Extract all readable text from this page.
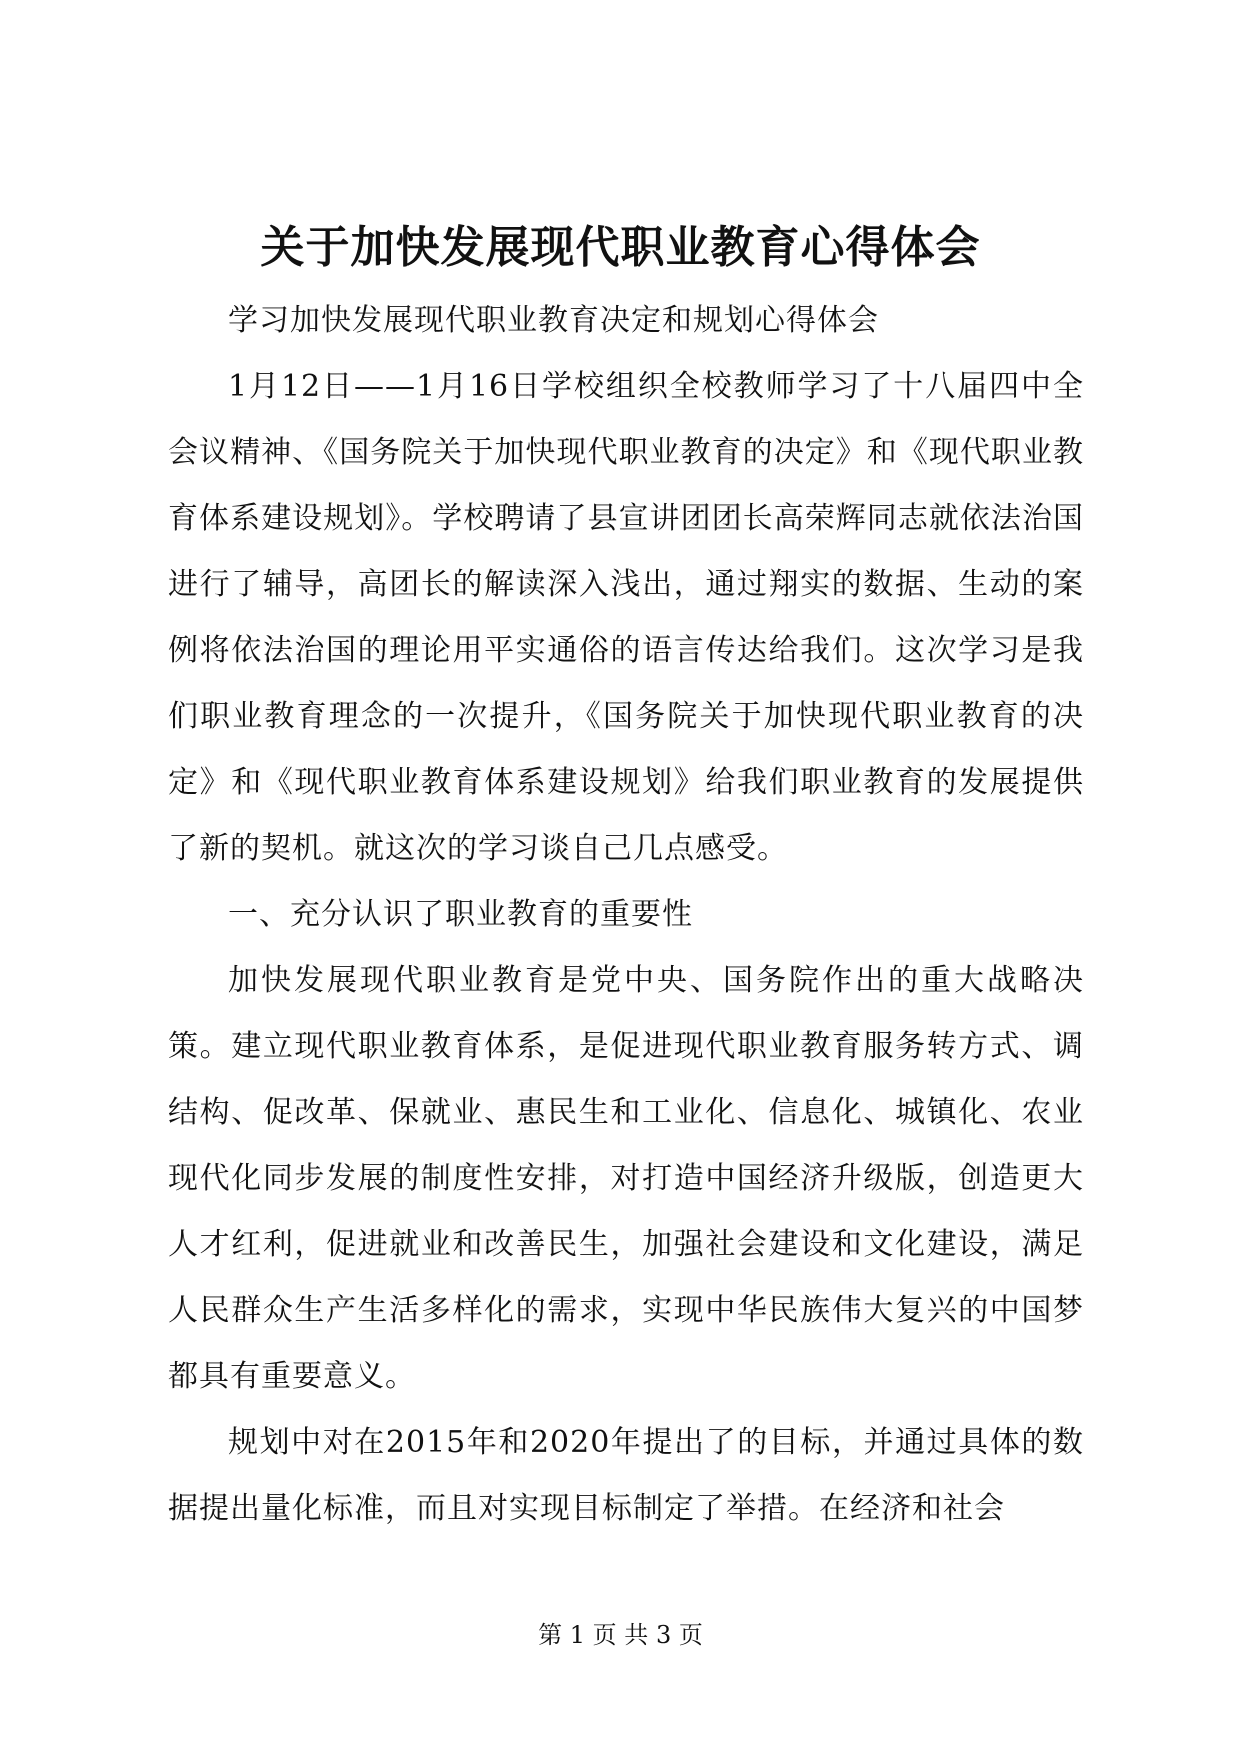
关于加快发展现代职业教育心得体会

学习加快发展现代职业教育决定和规划心得体会

1月12日——1月16日学校组织全校教师学习了十八届四中全会议精神、《国务院关于加快现代职业教育的决定》和《现代职业教育体系建设规划》。学校聘请了县宣讲团团长高荣辉同志就依法治国进行了辅导，高团长的解读深入浅出，通过翔实的数据、生动的案例将依法治国的理论用平实通俗的语言传达给我们。这次学习是我们职业教育理念的一次提升，《国务院关于加快现代职业教育的决定》和《现代职业教育体系建设规划》给我们职业教育的发展提供了新的契机。就这次的学习谈自己几点感受。

一、充分认识了职业教育的重要性

加快发展现代职业教育是党中央、国务院作出的重大战略决策。建立现代职业教育体系，是促进现代职业教育服务转方式、调结构、促改革、保就业、惠民生和工业化、信息化、城镇化、农业现代化同步发展的制度性安排，对打造中国经济升级版，创造更大人才红利，促进就业和改善民生，加强社会建设和文化建设，满足人民群众生产生活多样化的需求，实现中华民族伟大复兴的中国梦都具有重要意义。

规划中对在2015年和2020年提出了的目标，并通过具体的数据提出量化标准，而且对实现目标制定了举措。在经济和社会

第 1 页 共 3 页
